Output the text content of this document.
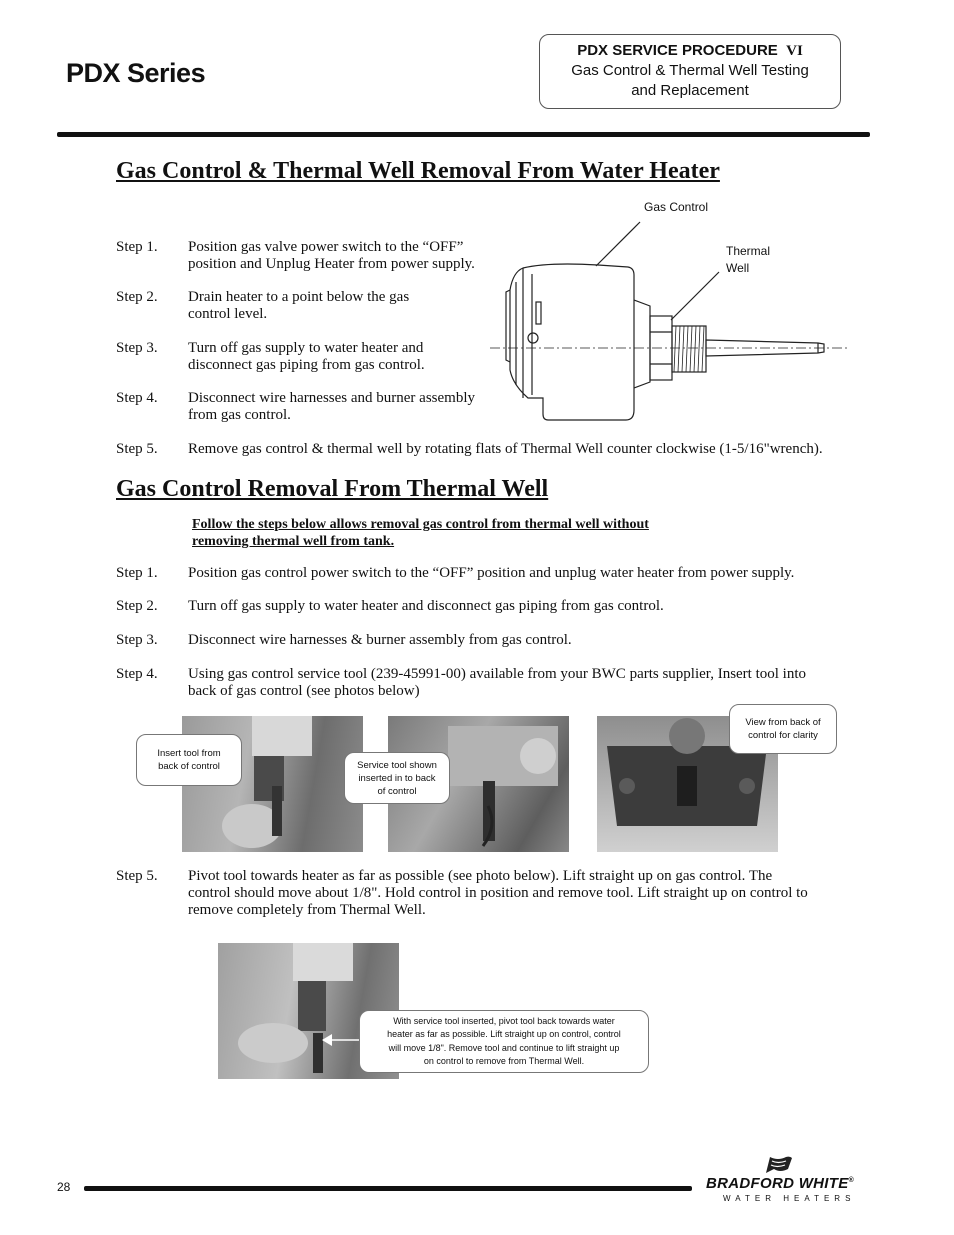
PDX Series
PDX SERVICE PROCEDURE VI
Gas Control & Thermal Well Testing
and Replacement
Gas Control & Thermal Well Removal From Water Heater
Step 1. Position gas valve power switch to the “OFF”
position and Unplug Heater from power supply.
Step 2. Drain heater to a point below the gas
control level.
Step 3. Turn off gas supply to water heater and
disconnect gas piping from gas control.
Step 4. Disconnect wire harnesses and burner assembly
from gas control.
Step 5. Remove gas control & thermal well by rotating flats of Thermal Well counter clockwise (1-5/16"wrench).
Gas Control
Thermal
Well
Gas Control Removal From Thermal Well
Follow the steps below allows removal gas control from thermal well without
removing thermal well from tank.
Step 1. Position gas control power switch to the “OFF” position and unplug water heater from power supply.
Step 2. Turn off gas supply to water heater and disconnect gas piping from gas control.
Step 3. Disconnect wire harnesses & burner assembly from gas control.
Step 4. Using gas control service tool (239-45991-00) available from your BWC parts supplier, Insert tool into
back of gas control (see photos below)
Insert tool from
back of control	Service tool shown
inserted in to back
of control
View from back of
control for clarity
Step 5. Pivot tool towards heater as far as possible (see photo below). Lift straight up on gas control. The
control should move about 1/8". Hold control in position and remove tool. Lift straight up on control to
remove completely from Thermal Well.
With service tool inserted, pivot tool back towards water
heater as far as possible. Lift straight up on control, control
will move 1/8". Remove tool and continue to lift straight up
on control to remove from Thermal Well.
28	BRADFORD WHITE®
WATER HEATERS
